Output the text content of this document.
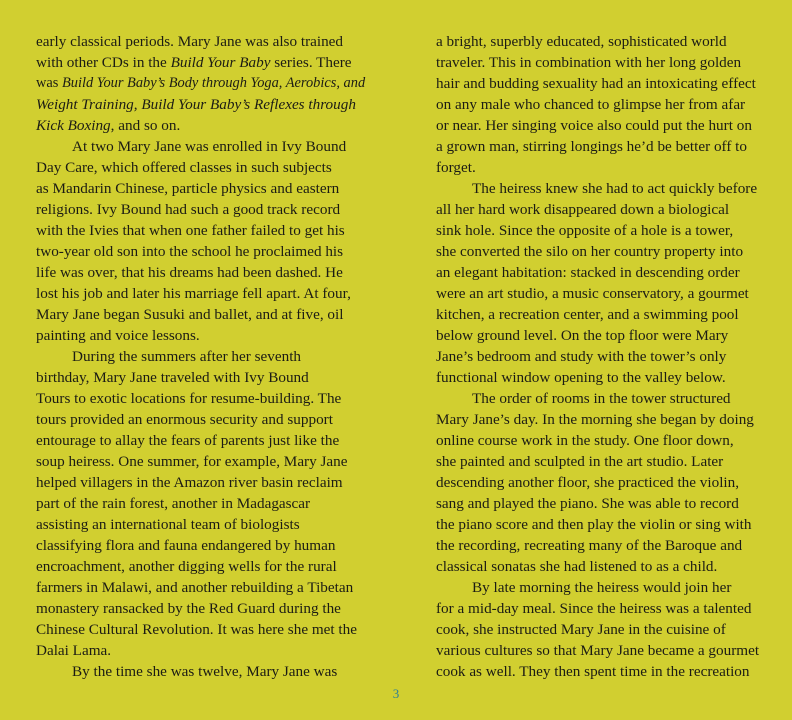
early classical periods. Mary Jane was also trained
with other CDs in the Build Your Baby series. There
was Build Your Baby’s Body through Yoga, Aerobics, and
Weight Training, Build Your Baby’s Reflexes through
Kick Boxing, and so on.
At two Mary Jane was enrolled in Ivy Bound
Day Care, which offered classes in such subjects
as Mandarin Chinese, particle physics and eastern
religions. Ivy Bound had such a good track record
with the Ivies that when one father failed to get his
two-year old son into the school he proclaimed his
life was over, that his dreams had been dashed. He
lost his job and later his marriage fell apart. At four,
Mary Jane began Susuki and ballet, and at five, oil
painting and voice lessons.
During the summers after her seventh
birthday, Mary Jane traveled with Ivy Bound
Tours to exotic locations for resume-building. The
tours provided an enormous security and support
entourage to allay the fears of parents just like the
soup heiress. One summer, for example, Mary Jane
helped villagers in the Amazon river basin reclaim
part of the rain forest, another in Madagascar
assisting an international team of biologists
classifying flora and fauna endangered by human
encroachment, another digging wells for the rural
farmers in Malawi, and another rebuilding a Tibetan
monastery ransacked by the Red Guard during the
Chinese Cultural Revolution. It was here she met the
Dalai Lama.
By the time she was twelve, Mary Jane was
a bright, superbly educated, sophisticated world
traveler. This in combination with her long golden
hair and budding sexuality had an intoxicating effect
on any male who chanced to glimpse her from afar
or near. Her singing voice also could put the hurt on
a grown man, stirring longings he’d be better off to
forget.
The heiress knew she had to act quickly before
all her hard work disappeared down a biological
sink hole. Since the opposite of a hole is a tower,
she converted the silo on her country property into
an elegant habitation: stacked in descending order
were an art studio, a music conservatory, a gourmet
kitchen, a recreation center, and a swimming pool
below ground level. On the top floor were Mary
Jane’s bedroom and study with the tower’s only
functional window opening to the valley below.
The order of rooms in the tower structured
Mary Jane’s day. In the morning she began by doing
online course work in the study. One floor down,
she painted and sculpted in the art studio. Later
descending another floor, she practiced the violin,
sang and played the piano. She was able to record
the piano score and then play the violin or sing with
the recording, recreating many of the Baroque and
classical sonatas she had listened to as a child.
By late morning the heiress would join her
for a mid-day meal. Since the heiress was a talented
cook, she instructed Mary Jane in the cuisine of
various cultures so that Mary Jane became a gourmet
cook as well. They then spent time in the recreation
3
